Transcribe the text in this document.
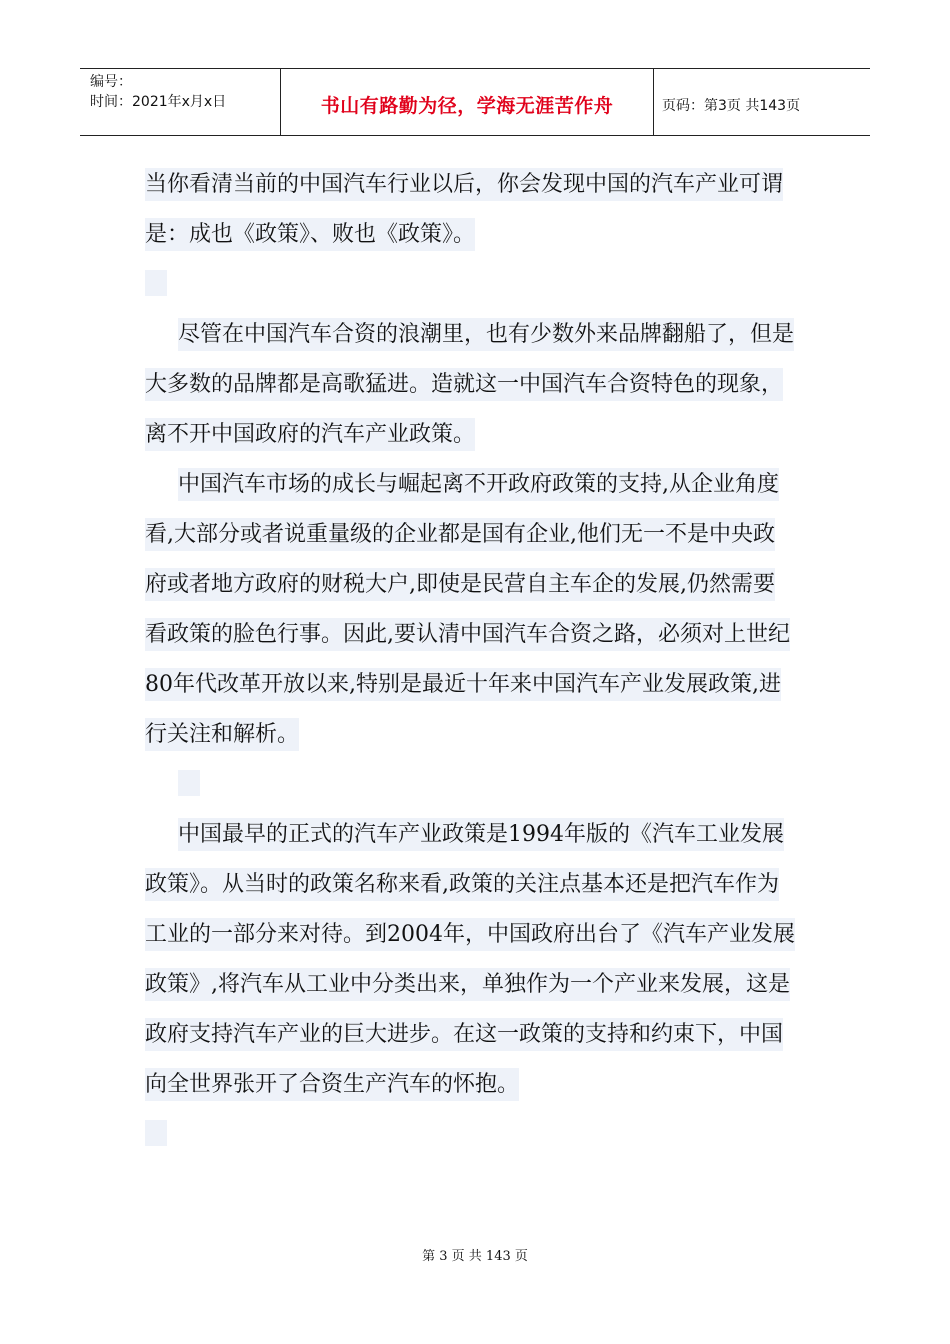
编号：
时间：2021年x月x日	书山有路勤为径，学海无涯苦作舟	页码：第3页 共143页
当你看清当前的中国汽车行业以后，你会发现中国的汽车产业可谓
是：成也《政策》、败也《政策》。
尽管在中国汽车合资的浪潮里，也有少数外来品牌翻船了，但是
大多数的品牌都是高歌猛进。造就这一中国汽车合资特色的现象，
离不开中国政府的汽车产业政策。
中国汽车市场的成长与崛起离不开政府政策的支持,从企业角度
看,大部分或者说重量级的企业都是国有企业,他们无一不是中央政
府或者地方政府的财税大户,即使是民营自主车企的发展,仍然需要
看政策的脸色行事。因此,要认清中国汽车合资之路，必须对上世纪
80年代改革开放以来,特别是最近十年来中国汽车产业发展政策,进
行关注和解析。
中国最早的正式的汽车产业政策是1994年版的《汽车工业发展
政策》。从当时的政策名称来看,政策的关注点基本还是把汽车作为
工业的一部分来对待。到2004年，中国政府出台了《汽车产业发展
政策》,将汽车从工业中分类出来，单独作为一个产业来发展，这是
政府支持汽车产业的巨大进步。在这一政策的支持和约束下，中国
向全世界张开了合资生产汽车的怀抱。
第 3 页 共 143 页
